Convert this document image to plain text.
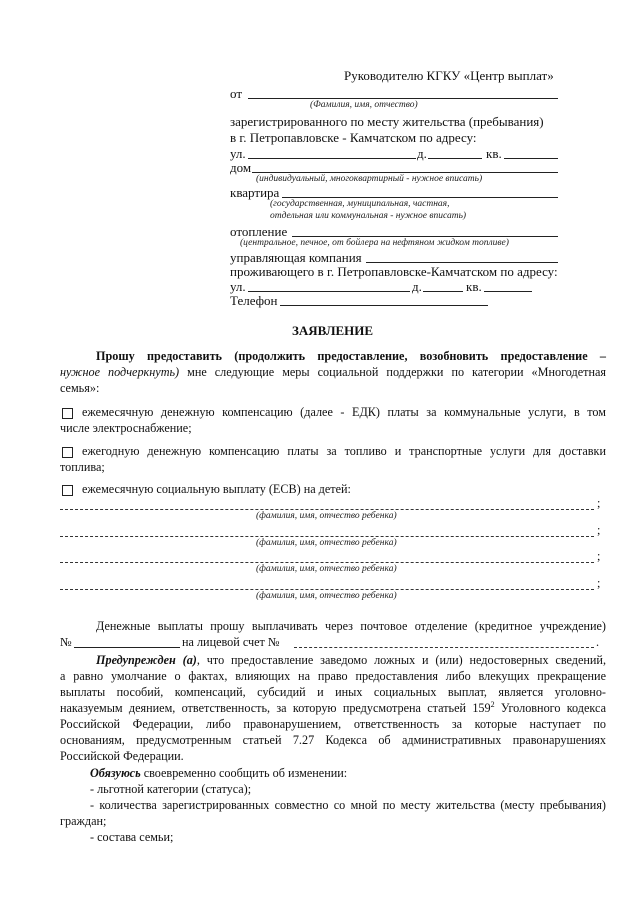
Руководителю КГКУ «Центр выплат»
от
(Фамилия, имя, отчество)
зарегистрированного по месту жительства (пребывания)
в г. Петропавловске - Камчатском по адресу:
ул.	д.	кв.
дом
(индивидуальный, многоквартирный - нужное вписать)
квартира
(государственная, муниципальная, частная,
отдельная или коммунальная - нужное вписать)
отопление
(центральное, печное, от бойлера на нефтяном жидком топливе)
управляющая компания
проживающего в г. Петропавловске-Камчатском по адресу:
ул.	д.	кв.
Телефон
ЗАЯВЛЕНИЕ
Прошу предоставить (продолжить предоставление, возобновить предоставление –
нужное подчеркнуть) мне следующие меры социальной поддержки по категории «Многодетная
семья»:
ежемесячную денежную компенсацию (далее - ЕДК) платы за коммунальные услуги, в том
числе электроснабжение;
ежегодную денежную компенсацию платы за топливо и транспортные услуги для доставки
топлива;
ежемесячную социальную выплату (ЕСВ) на детей:
;
(фамилия, имя, отчество ребенка)
;
(фамилия, имя, отчество ребенка)
;
(фамилия, имя, отчество ребенка)
;
(фамилия, имя, отчество ребенка)
Денежные выплаты прошу выплачивать через почтовое отделение (кредитное учреждение)
№	на лицевой счет №	.
Предупрежден (а), что предоставление заведомо ложных и (или) недостоверных сведений,
а равно умолчание о фактах, влияющих на право предоставления либо влекущих прекращение
выплаты пособий, компенсаций, субсидий и иных социальных выплат, является уголовно-
наказуемым деянием, ответственность, за которую предусмотрена статьей $159^2$ Уголовного кодекса
Российской Федерации, либо правонарушением, ответственность за которые наступает по
основаниям, предусмотренным статьей 7.27 Кодекса об административных правонарушениях
Российской Федерации.
Обязуюсь своевременно сообщить об изменении:
- льготной категории (статуса);
- количества зарегистрированных совместно со мной по месту жительства (месту пребывания)
граждан;
- состава семьи;
